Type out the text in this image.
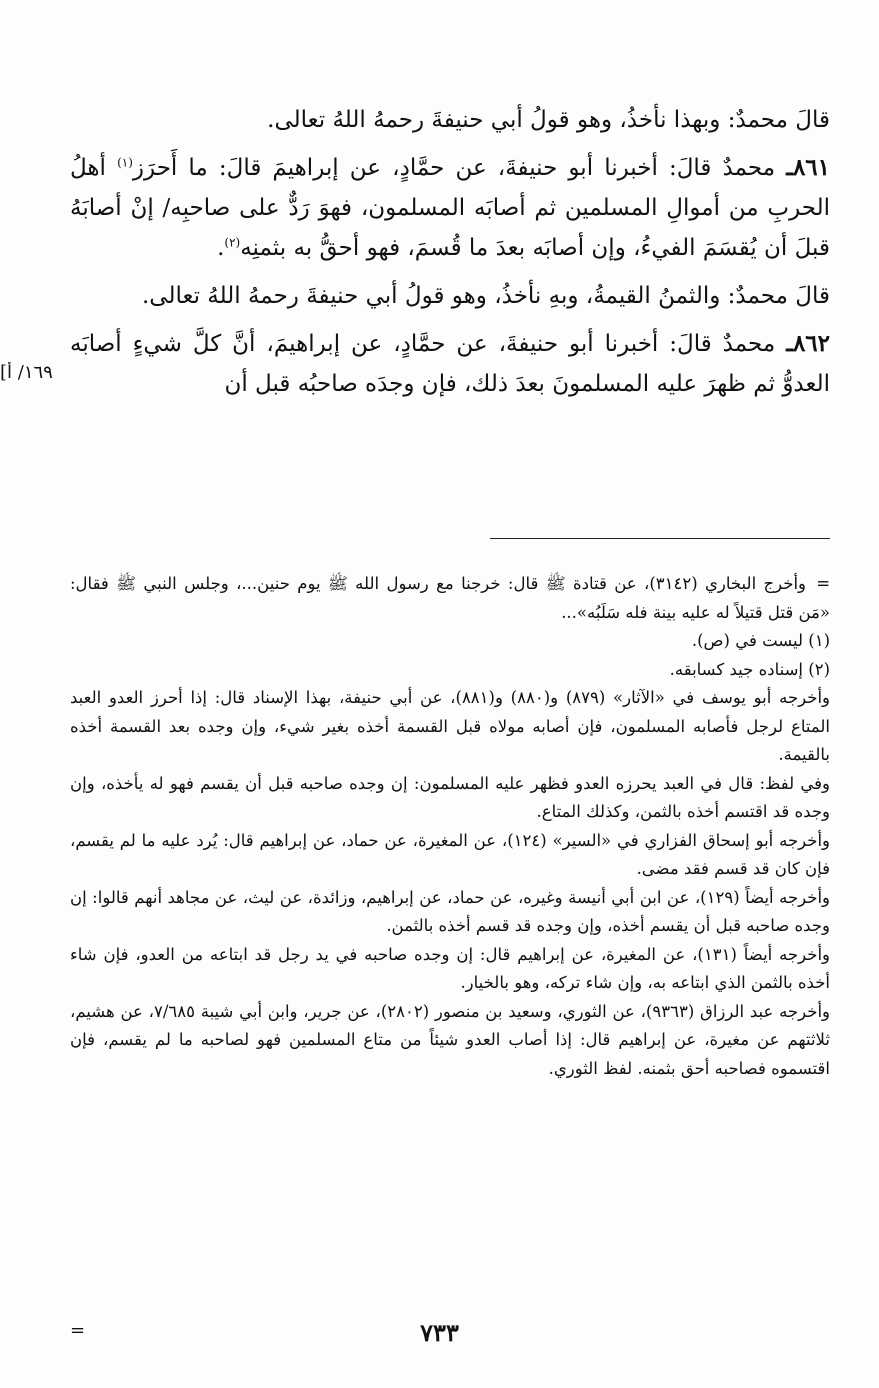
قالَ محمدٌ: وبهذا نأخذُ، وهو قولُ أبي حنيفةَ رحمهُ اللهُ تعالى.

٨٦١ـ محمدٌ قالَ: أخبرنا أبو حنيفةَ، عن حمَّادٍ، عن إبراهيمَ قالَ: ما أَحرَز$^{(١)}$ أهلُ الحربِ من أموالِ المسلمين ثم أصابَه المسلمون، فهوَ رَدٌّ على صاحبِه/ إنْ أصابَهُ قبلَ أن يُقسَمَ الفيءُ، وإن أصابَه بعدَ ما قُسمَ، فهو أحقُّ به بثمنِه$^{(٢)}$.

قالَ محمدٌ: والثمنُ القيمةُ، وبهِ نأخذُ، وهو قولُ أبي حنيفةَ رحمهُ اللهُ تعالى.

٨٦٢ـ محمدٌ قالَ: أخبرنا أبو حنيفةَ، عن حمَّادٍ، عن إبراهيمَ، أنَّ كلَّ شيءٍ أصابَه العدوُّ ثم ظهرَ عليه المسلمونَ بعدَ ذلك، فإن وجدَه صاحبُه قبل أن

[١٦٩/ أ

=وأخرج البخاري (٣١٤٢)، عن قتادة ﷺ قال: خرجنا مع رسول الله ﷺ يوم حنين...، وجلس النبي ﷺ فقال: «مَن قتل قتيلاً له عليه بينة فله سَلَبُه»...

(١) ليست في (ص).

(٢) إسناده جيد كسابقه.

وأخرجه أبو يوسف في «الآثار» (٨٧٩) و(٨٨٠) و(٨٨١)، عن أبي حنيفة، بهذا الإسناد قال: إذا أحرز العدو العبد المتاع لرجل فأصابه المسلمون، فإن أصابه مولاه قبل القسمة أخذه بغير شيء، وإن وجده بعد القسمة أخذه بالقيمة.

وفي لفظ: قال في العبد يحرزه العدو فظهر عليه المسلمون: إن وجده صاحبه قبل أن يقسم فهو له يأخذه، وإن وجده قد اقتسم أخذه بالثمن، وكذلك المتاع.

وأخرجه أبو إسحاق الفزاري في «السير» (١٢٤)، عن المغيرة، عن حماد، عن إبراهيم قال: يُرد عليه ما لم يقسم، فإن كان قد قسم فقد مضى.

وأخرجه أيضاً (١٢٩)، عن ابن أبي أنيسة وغيره، عن حماد، عن إبراهيم، وزائدة، عن ليث، عن مجاهد أنهم قالوا: إن وجده صاحبه قبل أن يقسم أخذه، وإن وجده قد قسم أخذه بالثمن.

وأخرجه أيضاً (١٣١)، عن المغيرة، عن إبراهيم قال: إن وجده صاحبه في يد رجل قد ابتاعه من العدو، فإن شاء أخذه بالثمن الذي ابتاعه به، وإن شاء تركه، وهو بالخيار.

وأخرجه عبد الرزاق (٩٣٦٣)، عن الثوري، وسعيد بن منصور (٢٨٠٢)، عن جرير، وابن أبي شيبة ٧/٦٨٥، عن هشيم، ثلاثتهم عن مغيرة، عن إبراهيم قال: إذا أصاب العدو شيئاً من متاع المسلمين فهو لصاحبه ما لم يقسم، فإن اقتسموه فصاحبه أحق بثمنه. لفظ الثوري.

=	٧٣٣
